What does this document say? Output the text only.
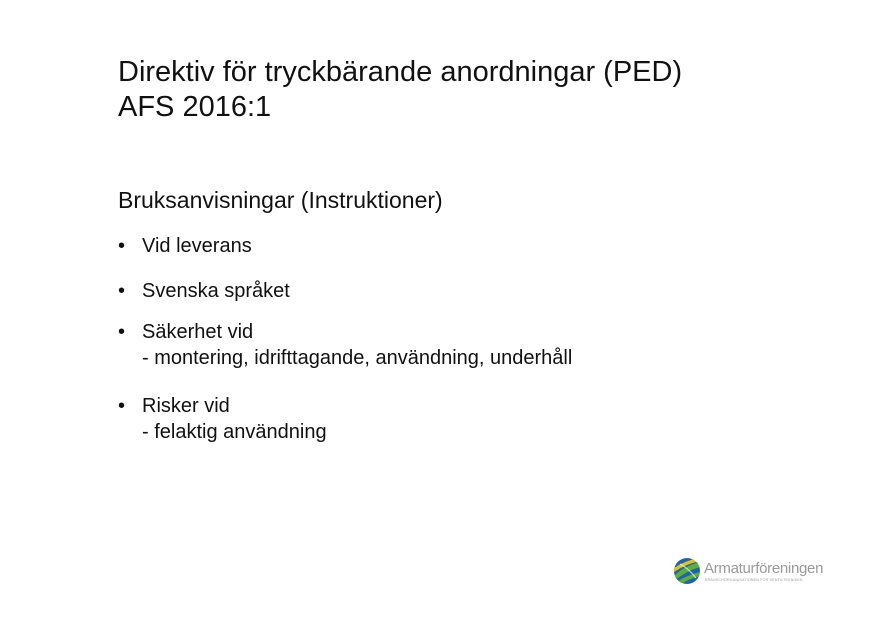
Direktiv för tryckbärande anordningar (PED)
AFS 2016:1
Bruksanvisningar (Instruktioner)
• Vid leverans
• Svenska språket
• Säkerhet vid
- montering, idrifttagande, användning, underhåll
• Risker vid
- felaktig användning
Armaturföreningen
BRANSCHORGANISATIONEN FÖR VENTILTEKNIKEN
